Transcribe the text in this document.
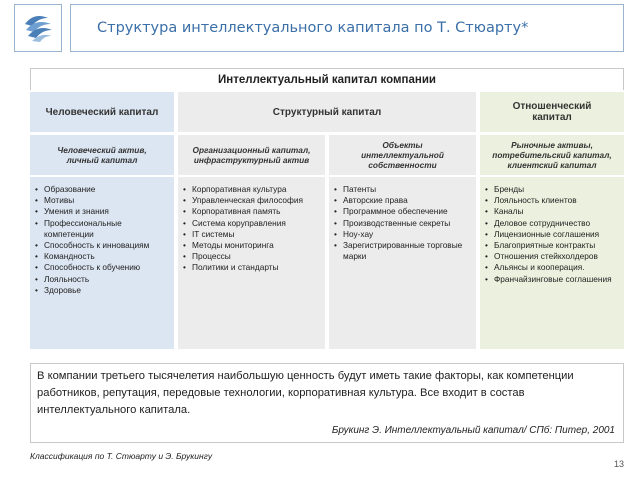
Структура интеллектуального капитала по Т. Стюарту*
Интеллектуальный капитал компании
Человеческий капитал	Структурный капитал	Отношенческий капитал
Человеческий актив, личный капитал
Организационный капитал, инфраструктурный актив
Объекты интеллектуальной собственности
Рыночные активы, потребительский капитал, клиентский капитал
• Образование
• Мотивы
• Умения и знания
• Профессиональные компетенции
• Способность к инновациям
• Командность
• Способность к обучению
• Лояльность
• Здоровье
• Корпоративная культура
• Управленческая философия
• Корпоративная память
• Система коруправления
• IT системы
• Методы мониторинга
• Процессы
• Политики и стандарты
• Патенты
• Авторские права
• Программное обеспечение
• Производственные секреты
• Ноу-хау
• Зарегистрированные торговые марки
• Бренды
• Лояльность клиентов
• Каналы
• Деловое сотрудничество
• Лицензионные соглашения
• Благоприятные контракты
• Отношения стейкхолдеров
• Альянсы и кооперация.
• Франчайзинговые соглашения

В компании третьего тысячелетия наибольшую ценность будут иметь такие факторы, как компетенции работников, репутация, передовые технологии, корпоративная культура. Все входит в состав интеллектуального капитала.

Брукинг Э. Интеллектуальный капитал/ СПб: Питер, 2001
Классификация по Т. Стюарту и Э. Брукингу
13
